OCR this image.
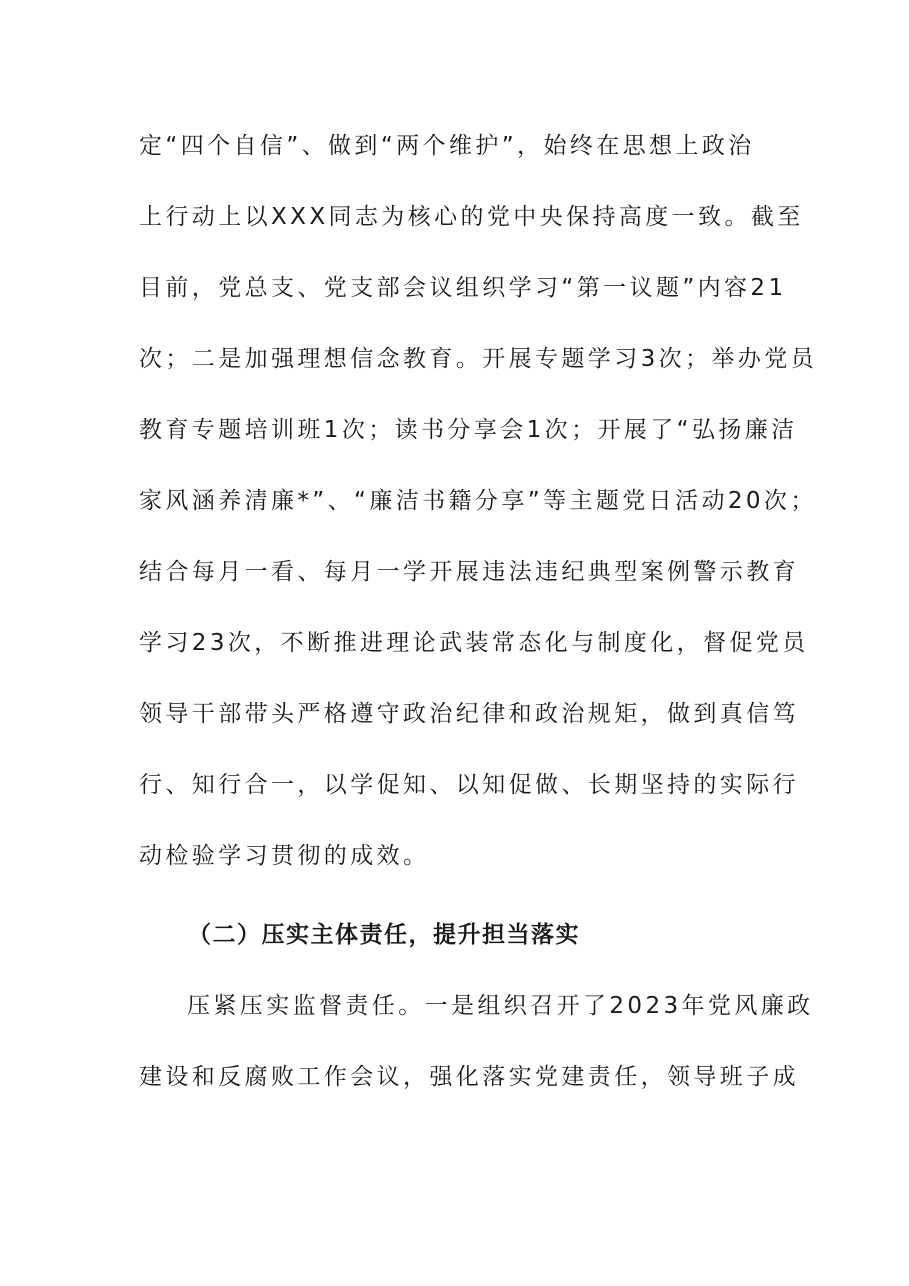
定“四个自信”、做到“两个维护”，始终在思想上政治
上行动上以XXX同志为核心的党中央保持高度一致。截至
目前，党总支、党支部会议组织学习“第一议题”内容21
次；二是加强理想信念教育。开展专题学习3次；举办党员
教育专题培训班1次；读书分享会1次；开展了“弘扬廉洁
家风涵养清廉*”、“廉洁书籍分享”等主题党日活动20次；
结合每月一看、每月一学开展违法违纪典型案例警示教育
学习23次，不断推进理论武装常态化与制度化，督促党员
领导干部带头严格遵守政治纪律和政治规矩，做到真信笃
行、知行合一，以学促知、以知促做、长期坚持的实际行
动检验学习贯彻的成效。
（二）压实主体责任，提升担当落实
压紧压实监督责任。一是组织召开了2023年党风廉政
建设和反腐败工作会议，强化落实党建责任，领导班子成
